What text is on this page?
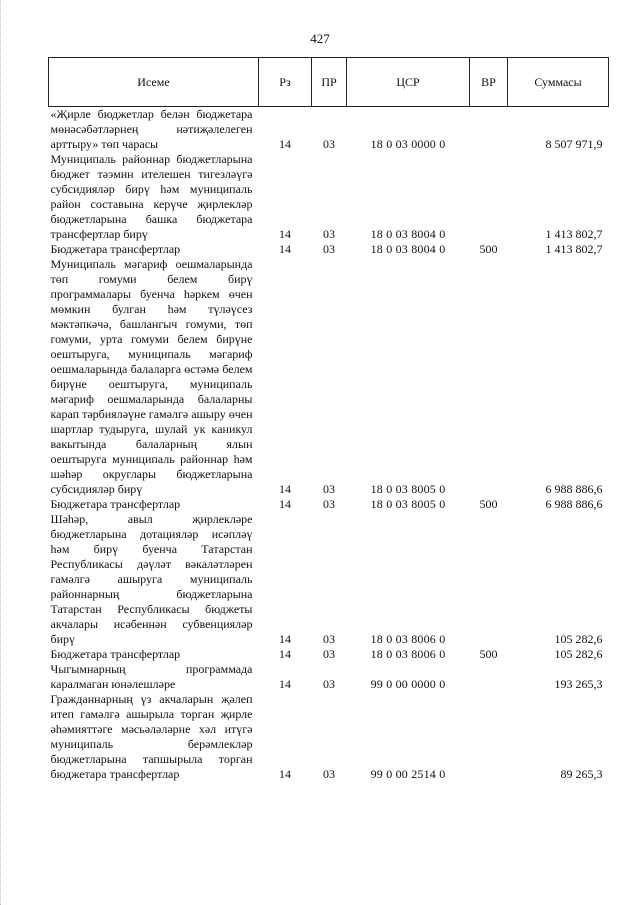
427
Исеме	Рз	ПР	ЦСР	ВР	Суммасы
«Җирле бюджетлар белән бюджетара мөнәсәбәтләрнең нәтиҗәлелеген арттыру» төп чарасы	14	03	18 0 03 0000 0		8 507 971,9
Муниципаль районнар бюджетларына бюджет тәэмин ителешен тигезләүгә субсидияләр бирү һәм муниципаль район составына керүче җирлекләр бюджетларына башка бюджетара трансфертлар бирү	14	03	18 0 03 8004 0		1 413 802,7
Бюджетара трансфертлар	14	03	18 0 03 8004 0	500	1 413 802,7
Муниципаль мәгариф оешмаларында төп гомуми белем бирү программалары буенча һәркем өчен мөмкин булган һәм түләүсез мәктәпкәчә, башлангыч гомуми, төп гомуми, урта гомуми белем бирүне оештыруга, муниципаль мәгариф оешмаларында балаларга өстәмә белем бирүне оештыруга, муниципаль мәгариф оешмаларында балаларны карап тәрбияләүне гамәлгә ашыру өчен шартлар тудыруга, шулай ук каникул вакытында балаларның ялын оештыруга муниципаль районнар һәм шәһәр округлары бюджетларына субсидияләр бирү	14	03	18 0 03 8005 0		6 988 886,6
Бюджетара трансфертлар	14	03	18 0 03 8005 0	500	6 988 886,6
Шәһәр, авыл җирлекләре бюджетларына дотацияләр исәпләү һәм бирү буенча Татарстан Республикасы дәүләт вәкаләтләрен гамәлгә ашыруга муниципаль районнарның бюджетларына Татарстан Республикасы бюджеты акчалары исәбеннән субвенцияләр бирү	14	03	18 0 03 8006 0		105 282,6
Бюджетара трансфертлар	14	03	18 0 03 8006 0	500	105 282,6
Чыгымнарның программада каралмаган юнәлешләре	14	03	99 0 00 0000 0		193 265,3
Гражданнарның үз акчаларын җәлеп итеп гамәлгә ашырыла торган җирле әһәмияттәге мәсьәләләрне хәл итүгә муниципаль берәмлекләр бюджетларына тапшырыла торган бюджетара трансфертлар	14	03	99 0 00 2514 0		89 265,3
